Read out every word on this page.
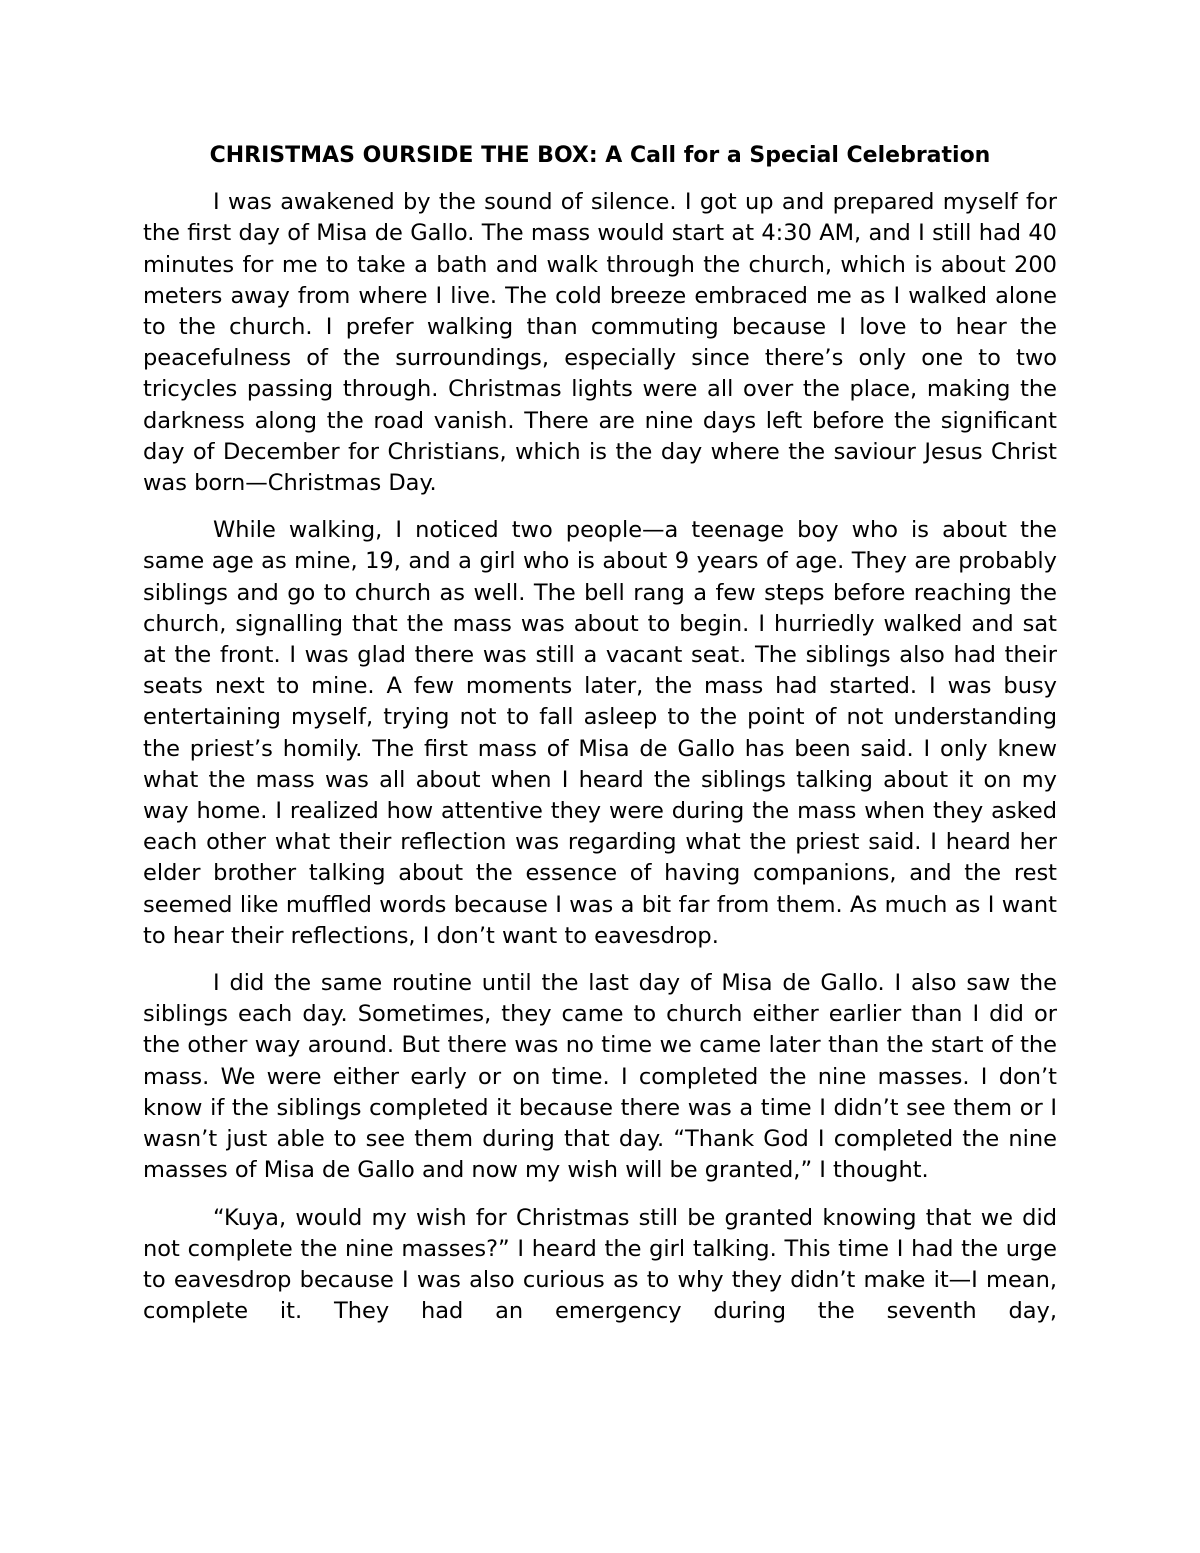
CHRISTMAS OURSIDE THE BOX: A Call for a Special Celebration

I was awakened by the sound of silence. I got up and prepared myself for the first day of Misa de Gallo. The mass would start at 4:30 AM, and I still had 40 minutes for me to take a bath and walk through the church, which is about 200 meters away from where I live. The cold breeze embraced me as I walked alone to the church. I prefer walking than commuting because I love to hear the peacefulness of the surroundings, especially since there’s only one to two tricycles passing through. Christmas lights were all over the place, making the darkness along the road vanish. There are nine days left before the significant day of December for Christians, which is the day where the saviour Jesus Christ was born—Christmas Day.

While walking, I noticed two people—a teenage boy who is about the same age as mine, 19, and a girl who is about 9 years of age. They are probably siblings and go to church as well. The bell rang a few steps before reaching the church, signalling that the mass was about to begin. I hurriedly walked and sat at the front. I was glad there was still a vacant seat. The siblings also had their seats next to mine. A few moments later, the mass had started. I was busy entertaining myself, trying not to fall asleep to the point of not understanding the priest’s homily. The first mass of Misa de Gallo has been said. I only knew what the mass was all about when I heard the siblings talking about it on my way home. I realized how attentive they were during the mass when they asked each other what their reflection was regarding what the priest said. I heard her elder brother talking about the essence of having companions, and the rest seemed like muffled words because I was a bit far from them. As much as I want to hear their reflections, I don’t want to eavesdrop.

I did the same routine until the last day of Misa de Gallo. I also saw the siblings each day. Sometimes, they came to church either earlier than I did or the other way around. But there was no time we came later than the start of the mass. We were either early or on time. I completed the nine masses. I don’t know if the siblings completed it because there was a time I didn’t see them or I wasn’t just able to see them during that day. “Thank God I completed the nine masses of Misa de Gallo and now my wish will be granted,” I thought.

“Kuya, would my wish for Christmas still be granted knowing that we did not complete the nine masses?” I heard the girl talking. This time I had the urge to eavesdrop because I was also curious as to why they didn’t make it—I mean, complete it. They had an emergency during the seventh day,
